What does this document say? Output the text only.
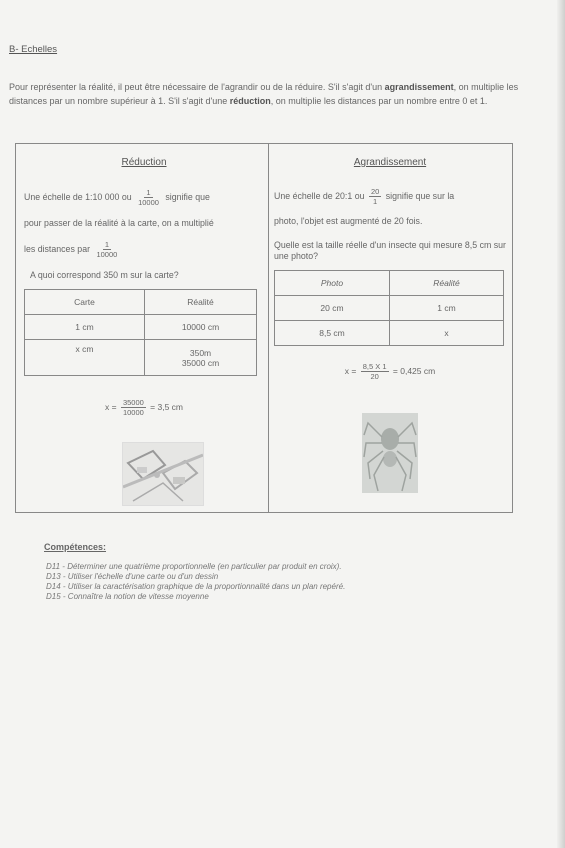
B- Echelles
Pour représenter la réalité, il peut être nécessaire de l'agrandir ou de la réduire. S'il s'agit d'un agrandissement, on multiplie les distances par un nombre supérieur à 1. S'il s'agit d'une réduction, on multiplie les distances par un nombre entre 0 et 1.
Réduction
Une échelle de 1:10 000 ou $\frac{1}{10000}$ signifie que
pour passer de la réalité à la carte, on a multiplié
les distances par $\frac{1}{10000}$
A quoi correspond 350 m sur la carte?
Carte	Réalité
1 cm	10000 cm
x cm	350m
35000 cm
$x = \frac{35000}{10000} = 3,5$ cm
Agrandissement
Une échelle de 20:1 ou $\frac{20}{1}$ signifie que sur la
photo, l'objet est augmenté de 20 fois.
Quelle est la taille réelle d'un insecte qui mesure 8,5 cm sur une photo?
Photo	Réalité
20 cm	1 cm
8,5 cm	x
$x = \frac{8,5 X 1}{20} = 0,425$ cm
Compétences:
D11 - Déterminer une quatrième proportionnelle (en particulier par produit en croix).
D13 - Utiliser l'échelle d'une carte ou d'un dessin
D14 - Utiliser la caractérisation graphique de la proportionnalité dans un plan repéré.
D15 - Connaître la notion de vitesse moyenne
